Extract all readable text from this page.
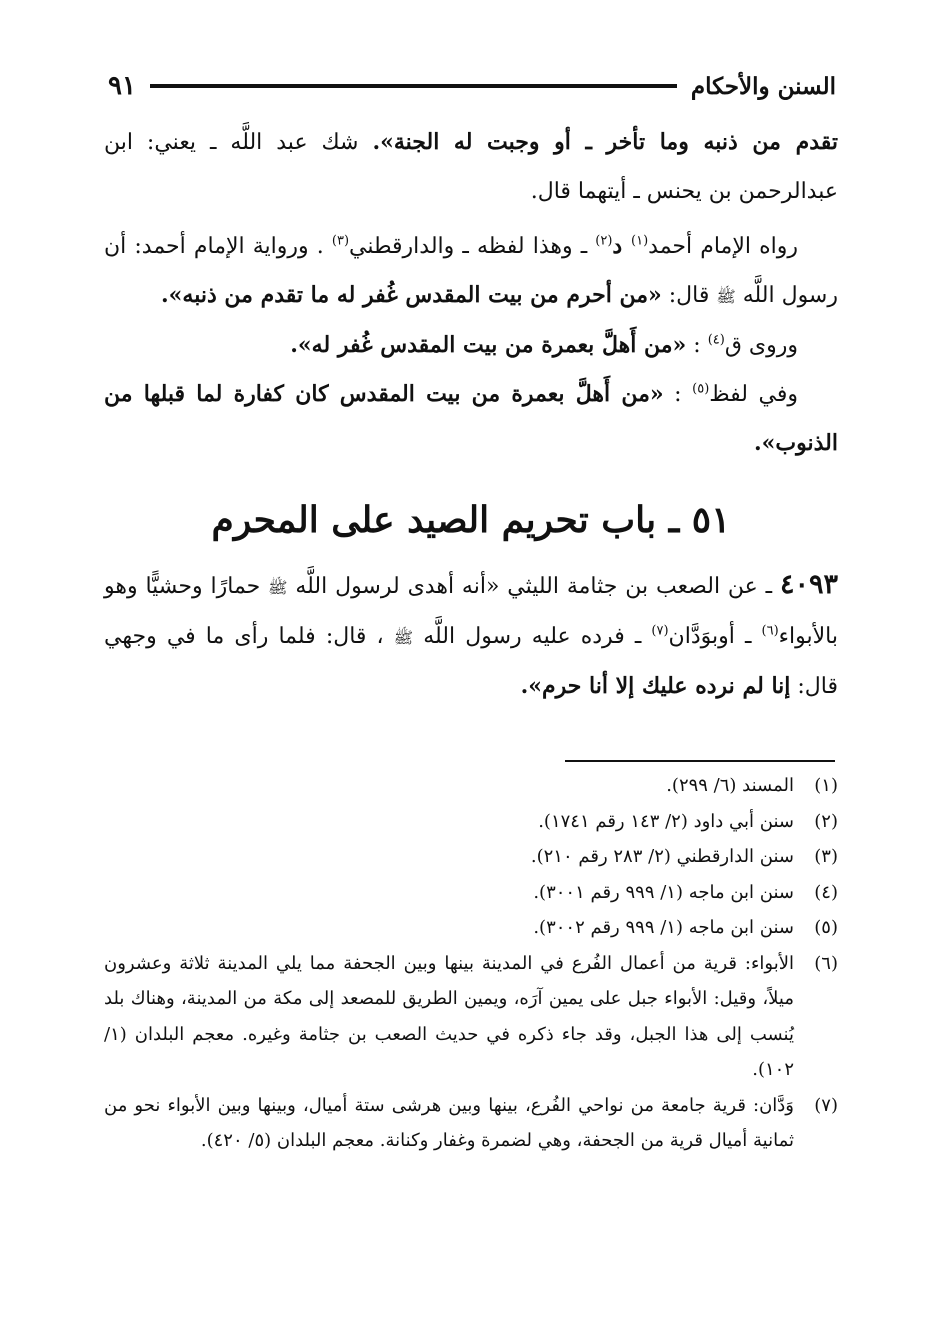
السنن والأحكام
٩١

تقدم من ذنبه وما تأخر ـ أو وجبت له الجنة». شك عبد اللَّه ـ يعني: ابن عبدالرحمن بن يحنس ـ أيتهما قال.

رواه الإمام أحمد$^{(١)}$ د$^{(٢)}$ ـ وهذا لفظه ـ والدارقطني$^{(٣)}$ . ورواية الإمام أحمد: أن رسول اللَّه ﷺ قال: «من أحرم من بيت المقدس غُفر له ما تقدم من ذنبه».

وروى ق$^{(٤)}$ : «من أَهلَّ بعمرة من بيت المقدس غُفر له».

وفي لفظ$^{(٥)}$ : «من أَهلَّ بعمرة من بيت المقدس كان كفارة لما قبلها من الذنوب».

٥١ ـ باب تحريم الصيد على المحرم

٤٠٩٣ ـ عن الصعب بن جثامة الليثي «أنه أهدى لرسول اللَّه ﷺ حمارًا وحشيًّا وهو بالأبواء$^{(٦)}$ ـ أوبوَدَّان$^{(٧)}$ ـ فرده عليه رسول اللَّه ﷺ ، قال: فلما رأى ما في وجهي قال: إنا لم نرده عليك إلا أنا حرم».

(١)
المسند (٦/ ٢٩٩).

(٢)
سنن أبي داود (٢/ ١٤٣ رقم ١٧٤١).

(٣)
سنن الدارقطني (٢/ ٢٨٣ رقم ٢١٠).

(٤)
سنن ابن ماجه (١/ ٩٩٩ رقم ٣٠٠١).

(٥)
سنن ابن ماجه (١/ ٩٩٩ رقم ٣٠٠٢).

(٦)
الأبواء: قرية من أعمال الفُرع في المدينة بينها وبين الجحفة مما يلي المدينة ثلاثة وعشرون ميلاً، وقيل: الأبواء جبل على يمين آرَه، ويمين الطريق للمصعد إلى مكة من المدينة، وهناك بلد يُنسب إلى هذا الجبل، وقد جاء ذكره في حديث الصعب بن جثامة وغيره. معجم البلدان (١/ ١٠٢).

(٧)
وَدَّان: قرية جامعة من نواحي الفُرع، بينها وبين هرشى ستة أميال، وبينها وبين الأبواء نحو من ثمانية أميال قرية من الجحفة، وهي لضمرة وغفار وكنانة. معجم البلدان (٥/ ٤٢٠).
